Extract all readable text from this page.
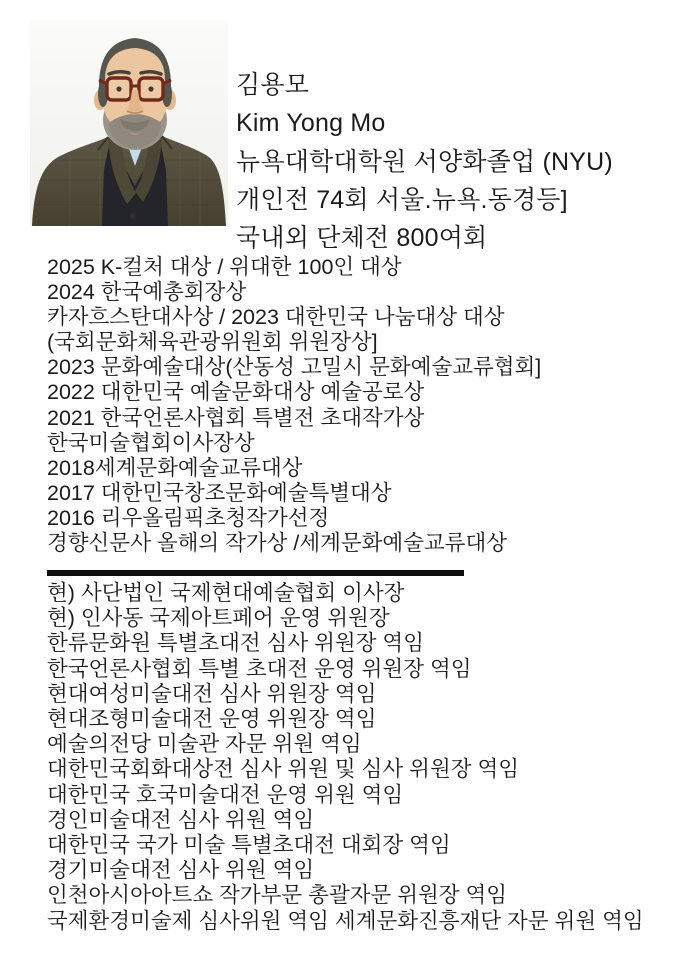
김용모
Kim Yong Mo
뉴욕대학대학원 서양화졸업 (NYU)
개인전 74회 서울.뉴욕.동경등]
국내외 단체전 800여회
2025 K-컬처 대상 / 위대한 100인 대상
2024 한국예총회장상
카자흐스탄대사상 / 2023 대한민국 나눔대상 대상
(국회문화체육관광위원회 위원장상]
2023 문화예술대상(산동성 고밀시 문화예술교류협회]
2022 대한민국 예술문화대상 예술공로상
2021 한국언론사협회 특별전 초대작가상
한국미술협회이사장상
2018세계문화예술교류대상
2017 대한민국창조문화예술특별대상
2016 리우올림픽초청작가선정
경향신문사 올해의 작가상 /세계문화예술교류대상
현) 사단법인 국제현대예술협회 이사장
현) 인사동 국제아트페어 운영 위원장
한류문화원 특별초대전 심사 위원장 역임
한국언론사협회 특별 초대전 운영 위원장 역임
현대여성미술대전 심사 위원장 역임
현대조형미술대전 운영 위원장 역임
예술의전당 미술관 자문 위원 역임
대한민국회화대상전 심사 위원 및 심사 위원장 역임
대한민국 호국미술대전 운영 위원 역임
경인미술대전 심사 위원 역임
대한민국 국가 미술 특별초대전 대회장 역임
경기미술대전 심사 위원 역임
인천아시아아트쇼 작가부문 총괄자문 위원장 역임
국제환경미술제 심사위원 역임 세계문화진흥재단 자문 위원 역임
